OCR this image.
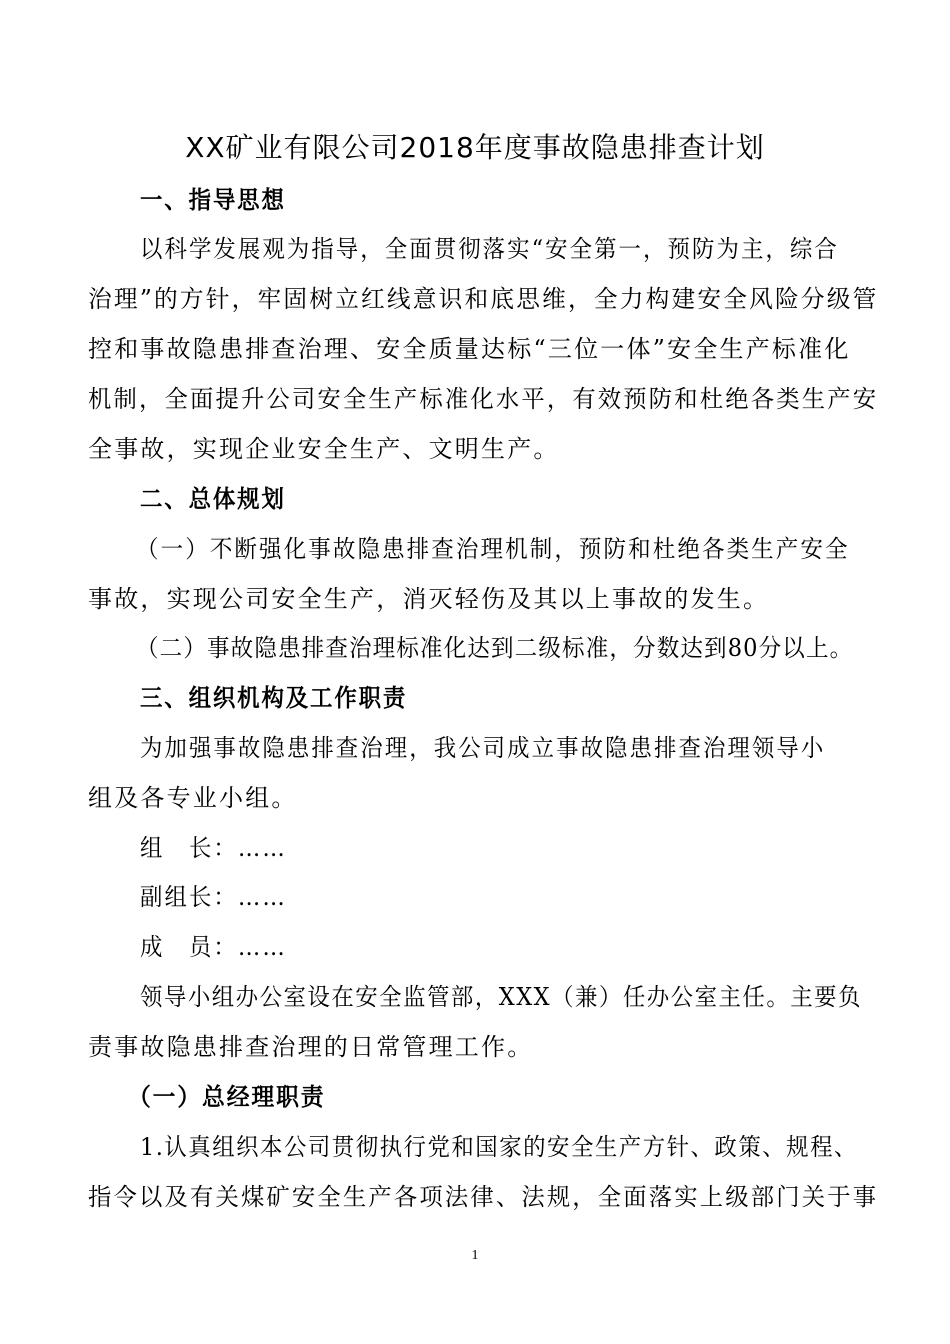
XX矿业有限公司2018年度事故隐患排查计划
一、指导思想
以科学发展观为指导，全面贯彻落实“安全第一，预防为主，综合
治理”的方针，牢固树立红线意识和底思维，全力构建安全风险分级管
控和事故隐患排查治理、安全质量达标“三位一体”安全生产标准化
机制，全面提升公司安全生产标准化水平，有效预防和杜绝各类生产安
全事故，实现企业安全生产、文明生产。
二、总体规划
（一）不断强化事故隐患排查治理机制，预防和杜绝各类生产安全
事故，实现公司安全生产，消灭轻伤及其以上事故的发生。
（二）事故隐患排查治理标准化达到二级标准，分数达到80分以上。
三、组织机构及工作职责
为加强事故隐患排查治理，我公司成立事故隐患排查治理领导小
组及各专业小组。
组　长：……
副组长：……
成　员：……
领导小组办公室设在安全监管部，XXX（兼）任办公室主任。主要负
责事故隐患排查治理的日常管理工作。
（一）总经理职责
1.认真组织本公司贯彻执行党和国家的安全生产方针、政策、规程、
指令以及有关煤矿安全生产各项法律、法规，全面落实上级部门关于事
1
